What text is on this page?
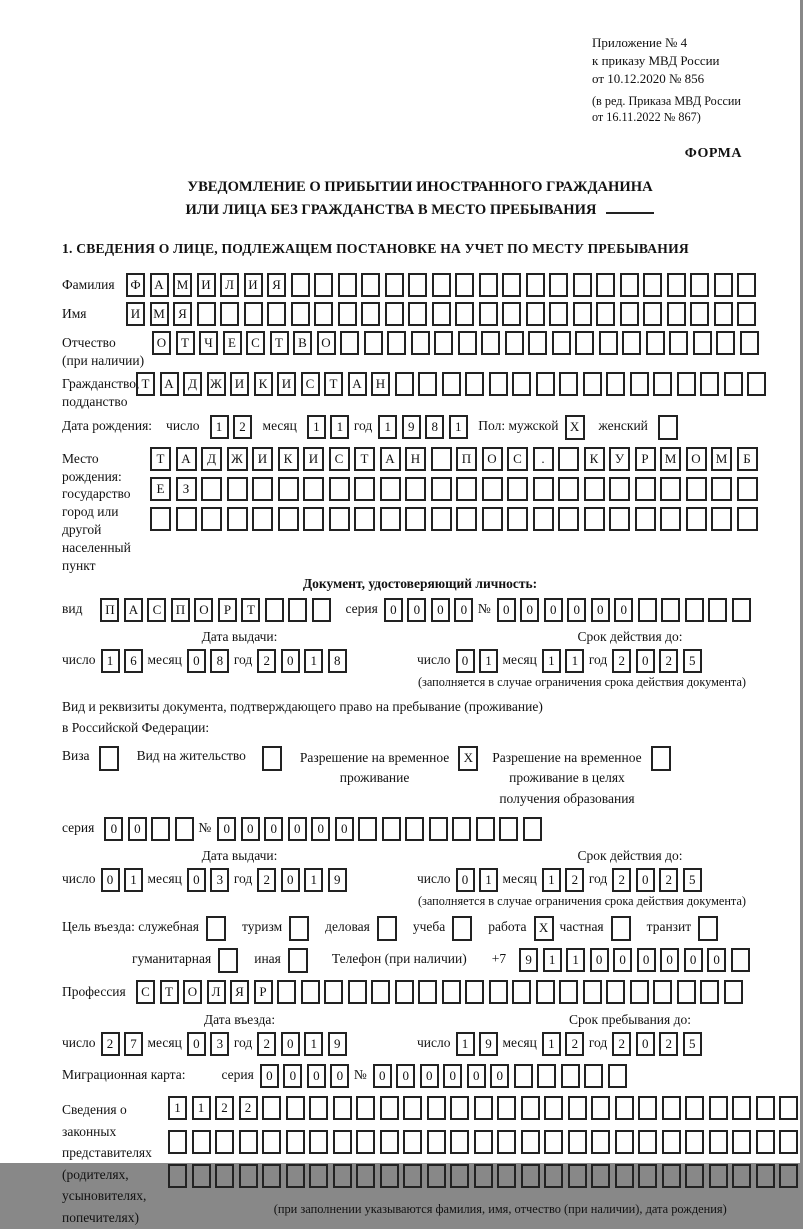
Приложение № 4
к приказу МВД России
от 10.12.2020 № 856
(в ред. Приказа МВД России
от 16.11.2022 № 867)
ФОРМА
УВЕДОМЛЕНИЕ О ПРИБЫТИИ ИНОСТРАННОГО ГРАЖДАНИНА
ИЛИ ЛИЦА БЕЗ ГРАЖДАНСТВА В МЕСТО ПРЕБЫВАНИЯ
1. СВЕДЕНИЯ О ЛИЦЕ, ПОДЛЕЖАЩЕМ ПОСТАНОВКЕ НА УЧЕТ ПО МЕСТУ ПРЕБЫВАНИЯ
Фамилия	Ф А М И Л И Я
Имя	И М Я
Отчество
(при наличии)
О Т Ч Е С Т В О
Гражданство,
подданство
Т А Д Ж И К И С Т А Н
Дата рождения: число	1 2	месяц	1 1 год 1 9 8 1	Пол: мужской X	женский

Место рождения:
государство
город или другой
населенный пункт
Т А Д Ж И К И С Т А Н	П О С .	К У Р М О М Б
Е З

Документ, удостоверяющий личность:
вид	П А С П О Р Т	серия 0 0 0 0 № 0 0 0 0 0 0
Дата выдачи:	Срок действия до:
число 1 6 месяц 0 8 год 2 0 1 8	число 0 1 месяц 1 1 год 2 0 2 5
(заполняется в случае ограничения срока действия документа)
Вид и реквизиты документа, подтверждающего право на пребывание (проживание)
в Российской Федерации:
Виза
	Вид на жительство
	Разрешение на временное
проживание
X	Разрешение на временное
проживание в целях
получения образования

серия	0 0	№ 0 0 0 0 0 0
Дата выдачи:	Срок действия до:
число 0 1 месяц 0 3 год 2 0 1 9	число 0 1 месяц 1 2 год 2 0 2 5
(заполняется в случае ограничения срока действия документа)
Цель въезда: служебная
	туризм
	деловая
	учеба
	работа X частная
	транзит

гуманитарная
	иная
	Телефон (при наличии) +7	9 1 1 0 0 0 0 0 0
Профессия	С Т О Л Я Р
Дата въезда:	Срок пребывания до:
число 2 7 месяц 0 3 год 2 0 1 9	число 1 9 месяц 1 2 год 2 0 2 5
Миграционная карта:	серия 0 0 0 0 № 0 0 0 0 0 0
Сведения о
законных
представителях
(родителях,
усыновителях,
попечителях)
1 1 2 2

(при заполнении указываются фамилия, имя, отчество (при наличии), дата рождения)
